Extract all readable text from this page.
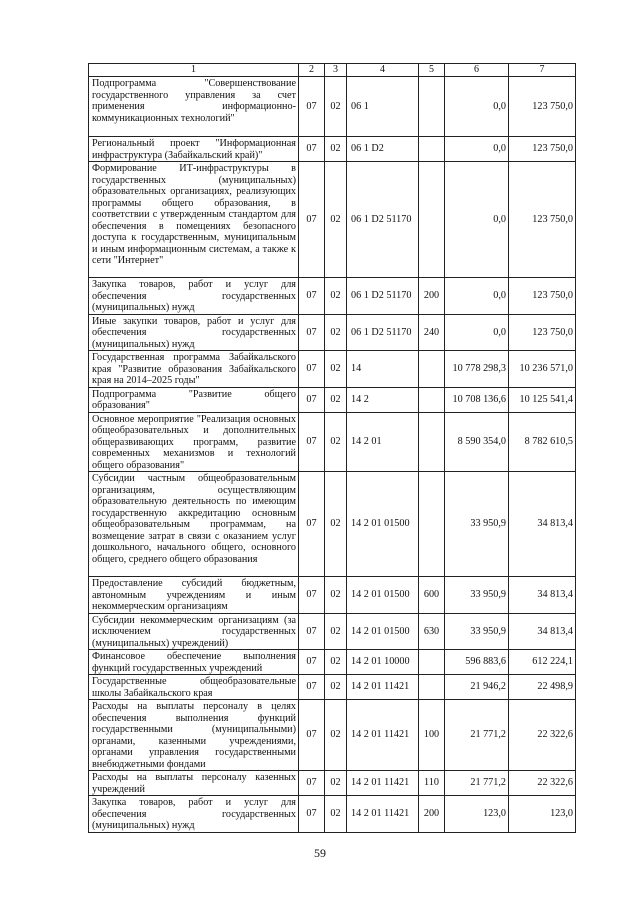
1	2	3	4	5	6	7
Подпрограмма "Совершенствование государственного управления за счет применения информационно-коммуникационных технологий"	07	02	06 1		0,0	123 750,0
Региональный проект "Информационная инфраструктура (Забайкальский край)"	07	02	06 1 D2		0,0	123 750,0
Формирование ИТ-инфраструктуры в государственных (муниципальных) образовательных организациях, реализующих программы общего образования, в соответствии с утвержденным стандартом для обеспечения в помещениях безопасного доступа к государственным, муниципальным и иным информационным системам, а также к сети "Интернет"	07	02	06 1 D2 51170		0,0	123 750,0
Закупка товаров, работ и услуг для обеспечения государственных (муниципальных) нужд	07	02	06 1 D2 51170	200	0,0	123 750,0
Иные закупки товаров, работ и услуг для обеспечения государственных (муниципальных) нужд	07	02	06 1 D2 51170	240	0,0	123 750,0
Государственная программа Забайкальского края "Развитие образования Забайкальского края на 2014–2025 годы"	07	02	14		10 778 298,3	10 236 571,0
Подпрограмма "Развитие общего образования"	07	02	14 2		10 708 136,6	10 125 541,4
Основное мероприятие "Реализация основных общеобразовательных и дополнительных общеразвивающих программ, развитие современных механизмов и технологий общего образования"	07	02	14 2 01		8 590 354,0	8 782 610,5
Субсидии частным общеобразовательным организациям, осуществляющим образовательную деятельность по имеющим государственную аккредитацию основным общеобразовательным программам, на возмещение затрат в связи с оказанием услуг дошкольного, начального общего, основного общего, среднего общего образования	07	02	14 2 01 01500		33 950,9	34 813,4
Предоставление субсидий бюджетным, автономным учреждениям и иным некоммерческим организациям	07	02	14 2 01 01500	600	33 950,9	34 813,4
Субсидии некоммерческим организациям (за исключением государственных (муниципальных) учреждений)	07	02	14 2 01 01500	630	33 950,9	34 813,4
Финансовое обеспечение выполнения функций государственных учреждений	07	02	14 2 01 10000		596 883,6	612 224,1
Государственные общеобразовательные школы Забайкальского края	07	02	14 2 01 11421		21 946,2	22 498,9
Расходы на выплаты персоналу в целях обеспечения выполнения функций государственными (муниципальными) органами, казенными учреждениями, органами управления государственными внебюджетными фондами	07	02	14 2 01 11421	100	21 771,2	22 322,6
Расходы на выплаты персоналу казенных учреждений	07	02	14 2 01 11421	110	21 771,2	22 322,6
Закупка товаров, работ и услуг для обеспечения государственных (муниципальных) нужд	07	02	14 2 01 11421	200	123,0	123,0
59
